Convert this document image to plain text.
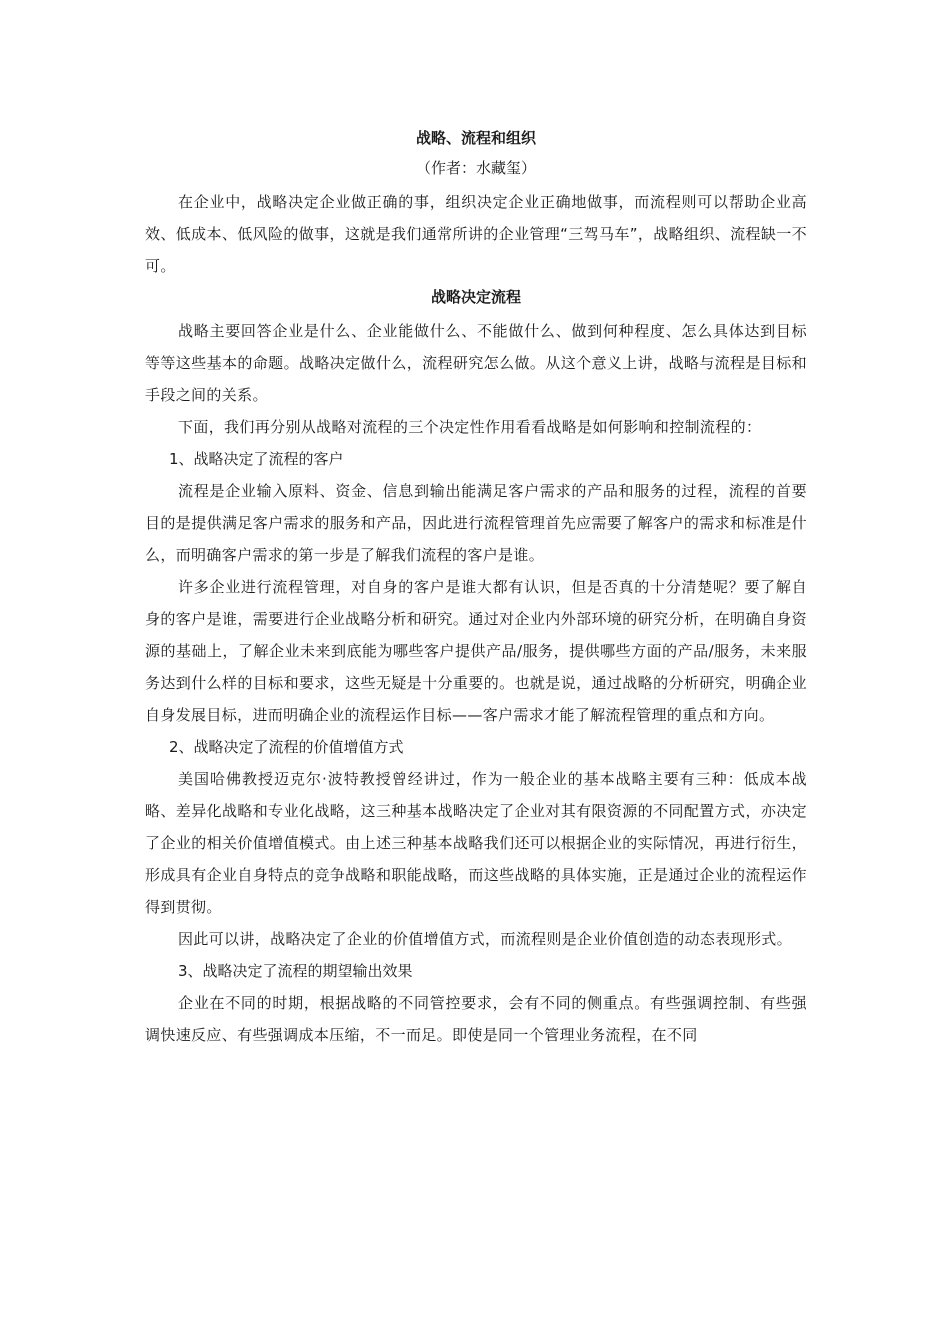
战略、流程和组织
（作者：水藏玺）

在企业中，战略决定企业做正确的事，组织决定企业正确地做事，而流程则可以帮助企业高效、低成本、低风险的做事，这就是我们通常所讲的企业管理“三驾马车”，战略组织、流程缺一不可。

战略决定流程

战略主要回答企业是什么、企业能做什么、不能做什么、做到何种程度、怎么具体达到目标等等这些基本的命题。战略决定做什么，流程研究怎么做。从这个意义上讲，战略与流程是目标和手段之间的关系。

下面，我们再分别从战略对流程的三个决定性作用看看战略是如何影响和控制流程的：

1、战略决定了流程的客户

流程是企业输入原料、资金、信息到输出能满足客户需求的产品和服务的过程，流程的首要目的是提供满足客户需求的服务和产品，因此进行流程管理首先应需要了解客户的需求和标准是什么，而明确客户需求的第一步是了解我们流程的客户是谁。

许多企业进行流程管理，对自身的客户是谁大都有认识，但是否真的十分清楚呢？要了解自身的客户是谁，需要进行企业战略分析和研究。通过对企业内外部环境的研究分析，在明确自身资源的基础上，了解企业未来到底能为哪些客户提供产品/服务，提供哪些方面的产品/服务，未来服务达到什么样的目标和要求，这些无疑是十分重要的。也就是说，通过战略的分析研究，明确企业自身发展目标，进而明确企业的流程运作目标——客户需求才能了解流程管理的重点和方向。

2、战略决定了流程的价值增值方式

美国哈佛教授迈克尔·波特教授曾经讲过，作为一般企业的基本战略主要有三种：低成本战略、差异化战略和专业化战略，这三种基本战略决定了企业对其有限资源的不同配置方式，亦决定了企业的相关价值增值模式。由上述三种基本战略我们还可以根据企业的实际情况，再进行衍生，形成具有企业自身特点的竞争战略和职能战略，而这些战略的具体实施，正是通过企业的流程运作得到贯彻。

因此可以讲，战略决定了企业的价值增值方式，而流程则是企业价值创造的动态表现形式。

3、战略决定了流程的期望输出效果

企业在不同的时期，根据战略的不同管控要求，会有不同的侧重点。有些强调控制、有些强调快速反应、有些强调成本压缩，不一而足。即使是同一个管理业务流程，在不同
